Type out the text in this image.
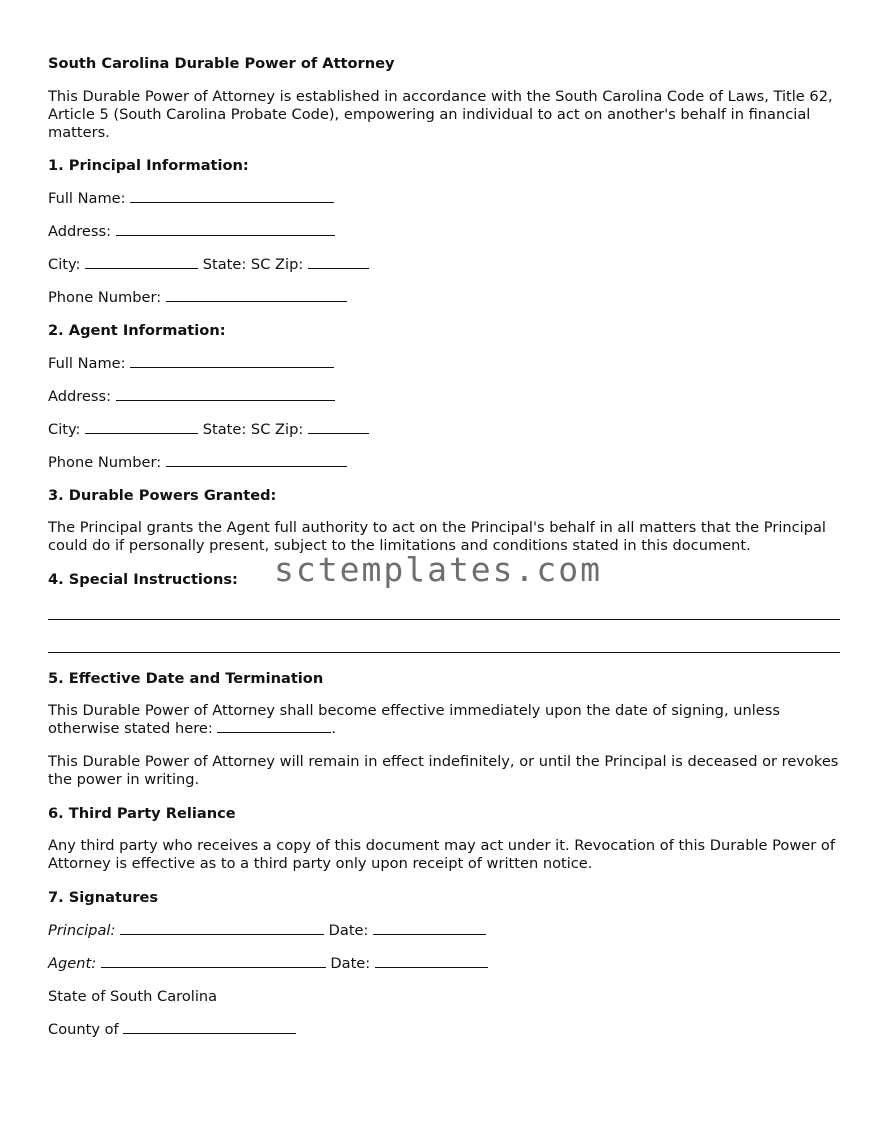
South Carolina Durable Power of Attorney

This Durable Power of Attorney is established in accordance with the South Carolina Code of Laws, Title 62, Article 5 (South Carolina Probate Code), empowering an individual to act on another's behalf in financial matters.

1. Principal Information:
Full Name:
Address:
City:	State: SC Zip:
Phone Number:
2. Agent Information:
Full Name:
Address:
City:	State: SC Zip:
Phone Number:
3. Durable Powers Granted:

The Principal grants the Agent full authority to act on the Principal's behalf in all matters that the Principal could do if personally present, subject to the limitations and conditions stated in this document.

4. Special Instructions:
5. Effective Date and Termination

This Durable Power of Attorney shall become effective immediately upon the date of signing, unless otherwise stated here:	.

This Durable Power of Attorney will remain in effect indefinitely, or until the Principal is deceased or revokes the power in writing.

6. Third Party Reliance

Any third party who receives a copy of this document may act under it. Revocation of this Durable Power of Attorney is effective as to a third party only upon receipt of written notice.

7. Signatures
Principal:	Date:
Agent:	Date:
State of South Carolina
County of
sctemplates.com
